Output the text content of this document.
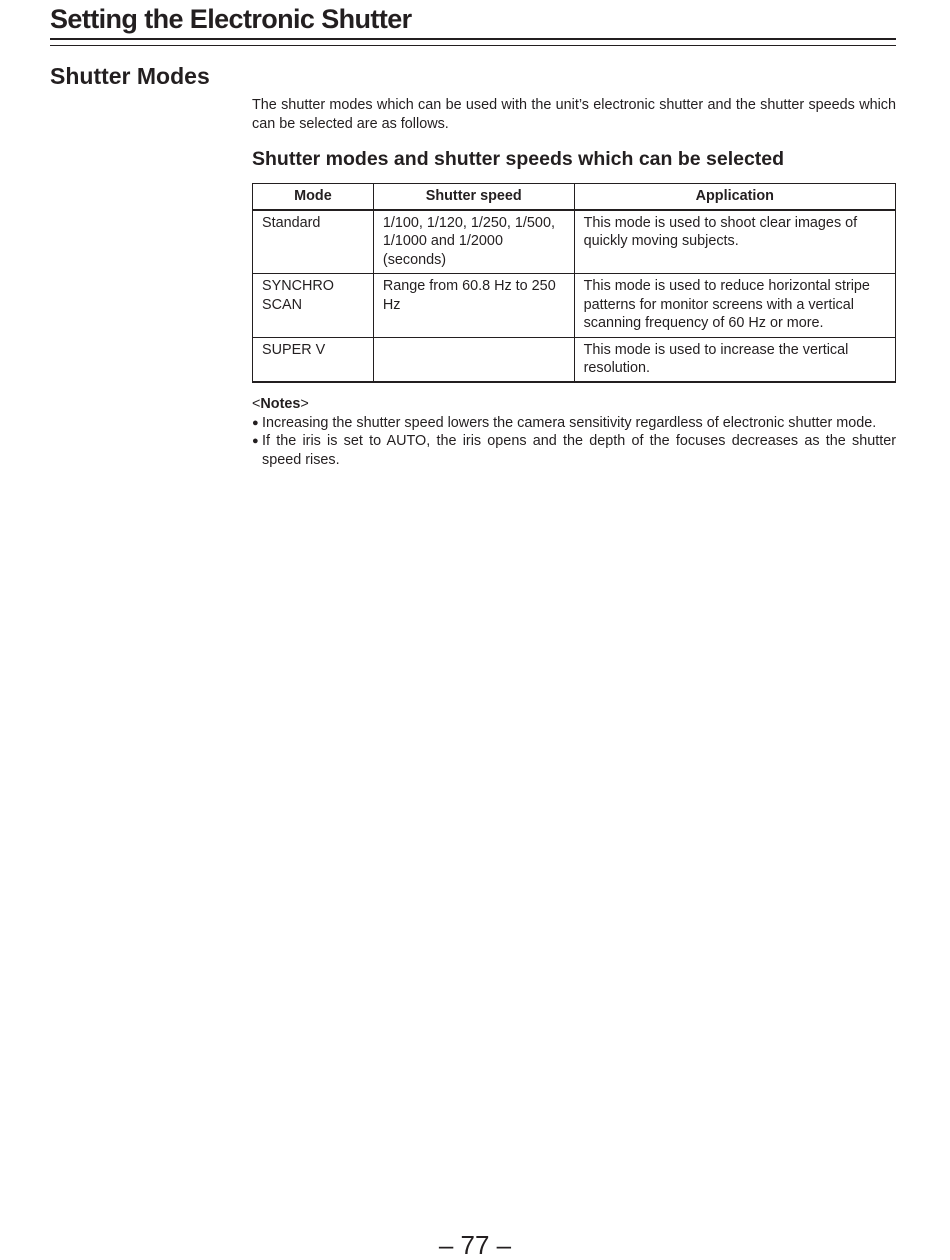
Setting the Electronic Shutter
Shutter Modes

The shutter modes which can be used with the unit’s electronic shutter and the shutter speeds which can be selected are as follows.

Shutter modes and shutter speeds which can be selected
Mode	Shutter speed	Application
Standard	1/100, 1/120, 1/250, 1/500, 1/1000 and 1/2000 (seconds)	This mode is used to shoot clear images of quickly moving subjects.
SYNCHRO SCAN	Range from 60.8 Hz to 250 Hz	This mode is used to reduce horizontal stripe patterns for monitor screens with a vertical scanning frequency of 60 Hz or more.
SUPER V		This mode is used to increase the vertical resolution.

<Notes>

● Increasing the shutter speed lowers the camera sensitivity regardless of electronic shutter mode.
● If the iris is set to AUTO, the iris opens and the depth of the focuses decreases as the shutter speed rises.
– 77 –
